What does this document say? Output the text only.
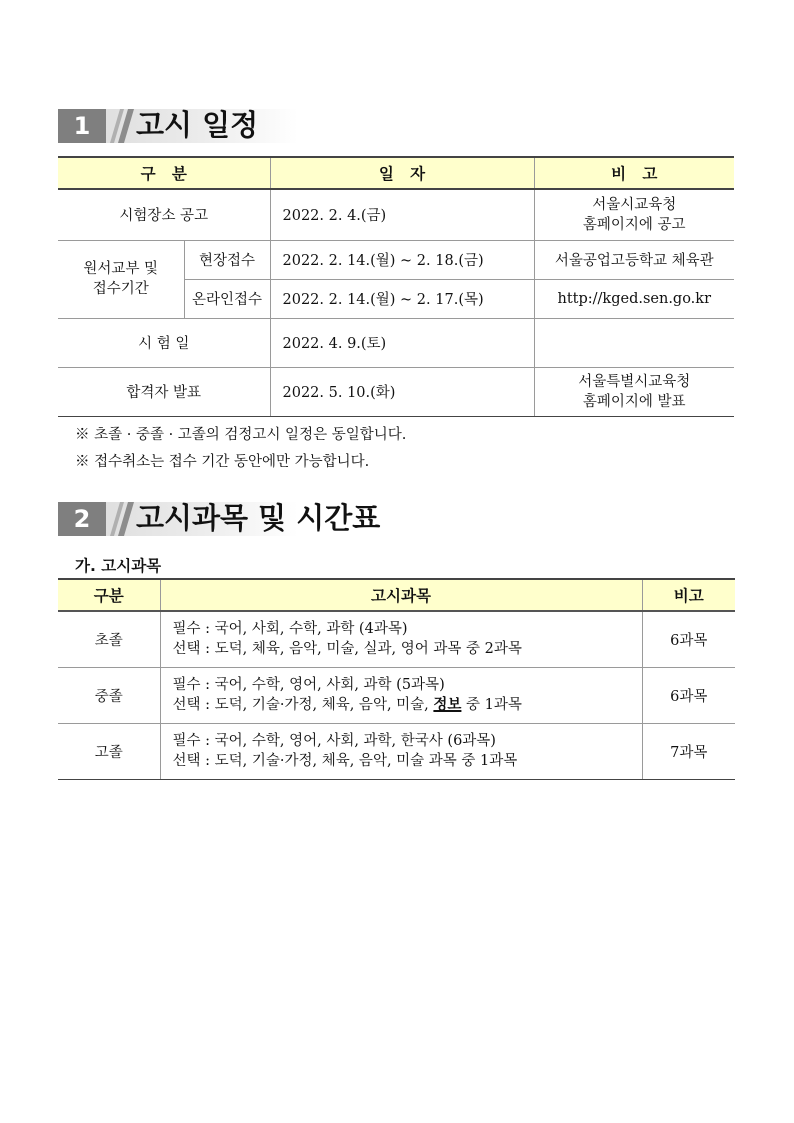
1	고시 일정
구   분		일   자	비   고
시험장소 공고		2022. 2. 4.(금)	서울시교육청
홈페이지에 공고

원서교부 및
접수기간	현장접수	2022. 2. 14.(월) ~ 2. 18.(금)	서울공업고등학교 체육관
	온라인접수	2022. 2. 14.(월) ~ 2. 17.(목)	http://kged.sen.go.kr
시 험 일		2022. 4. 9.(토)	
합격자 발표		2022. 5. 10.(화)	서울특별시교육청
홈페이지에 발표
※ 초졸 · 중졸 · 고졸의 검정고시 일정은 동일합니다.
※ 접수취소는 접수 기간 동안에만 가능합니다.
2	고시과목 및 시간표
가. 고시과목
구분	고시과목	비고
초졸	필수 : 국어, 사회, 수학, 과학 (4과목)
선택 : 도덕, 체육, 음악, 미술, 실과, 영어 과목 중 2과목	6과목
중졸	필수 : 국어, 수학, 영어, 사회, 과학 (5과목)
선택 : 도덕, 기술·가정, 체육, 음악, 미술, 정보 중 1과목	6과목
고졸	필수 : 국어, 수학, 영어, 사회, 과학, 한국사 (6과목)
선택 : 도덕, 기술·가정, 체육, 음악, 미술 과목 중 1과목	7과목
